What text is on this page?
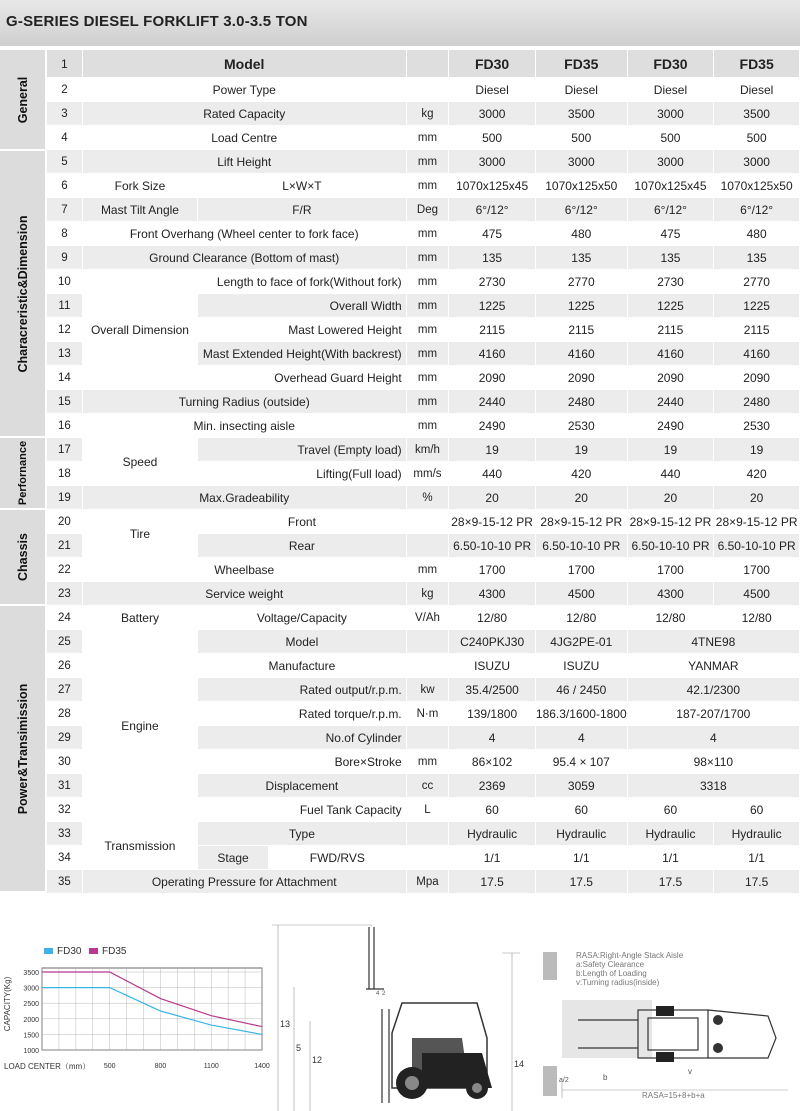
G-SERIES DIESEL FORKLIFT 3.0-3.5 TON
General
Characreristic&Dimension
Perfornance
Chassis
Power&Transimission
1	Model				FD30	FD35	FD30	FD35
2	Power Type				Diesel	Diesel	Diesel	Diesel
3	Rated Capacity			kg	3000	3500	3000	3500
4	Load Centre			mm	500	500	500	500
5	Lift Height			mm	3000	3000	3000	3000
6	Fork Size	L×W×T		mm	1070x125x45	1070x125x50	1070x125x45	1070x125x50
7	Mast Tilt Angle	F/R		Deg	6°/12°	6°/12°	6°/12°	6°/12°
8	Front Overhang (Wheel center to fork face)			mm	475	480	475	480
9	Ground Clearance (Bottom of mast)			mm	135	135	135	135
10	Overall Dimension	Length to face of fork(Without fork)		mm	2730	2770	2730	2770
11		Overall Width		mm	1225	1225	1225	1225
12		Mast Lowered Height		mm	2115	2115	2115	2115
13		Mast Extended Height(With backrest)		mm	4160	4160	4160	4160
14		Overhead Guard Height		mm	2090	2090	2090	2090
15	Turning Radius (outside)			mm	2440	2480	2440	2480
16	Min. insecting aisle			mm	2490	2530	2490	2530
17	Speed	Travel (Empty load)		km/h	19	19	19	19
18		Lifting(Full load)		mm/s	440	420	440	420
19	Max.Gradeability			%	20	20	20	20
20	Tire	Front			28×9-15-12 PR	28×9-15-12 PR	28×9-15-12 PR	28×9-15-12 PR
21		Rear			6.50-10-10 PR	6.50-10-10 PR	6.50-10-10 PR	6.50-10-10 PR
22	Wheelbase			mm	1700	1700	1700	1700
23	Service weight			kg	4300	4500	4300	4500
24	Battery	Voltage/Capacity		V/Ah	12/80	12/80	12/80	12/80
25	Engine	Model			C240PKJ30	4JG2PE-01	4TNE98	
26		Manufacture			ISUZU	ISUZU	YANMAR	
27		Rated output/r.p.m.		kw	35.4/2500	46 / 2450	42.1/2300	
28		Rated torque/r.p.m.		N·m	139/1800	186.3/1600-1800	187-207/1700	
29		No.of Cylinder			4	4	4	
30		Bore×Stroke		mm	86×102	95.4 × 107	98×110	
31		Displacement		cc	2369	3059	3318	
32		Fuel Tank Capacity		L	60	60	60	60
33	Transmission	Type			Hydraulic	Hydraulic	Hydraulic	Hydraulic
34		Stage	FWD/RVS		1/1	1/1	1/1	1/1
35	Operating Pressure for Attachment			Mpa	17.5	17.5	17.5	17.5
FD30 FD35
3500
3000
2500
2000
1500
1000
500	800	1100	1400
CAPACITY(Kg)
LOAD CENTER（mm）
13
5
12	14
4 2
RASA:Right-Angle Stack Aisle
a:Safety Clearance
b:Length of Loading
v:Turning radius(inside)
a/2	b
v
RASA=15+8+b+a
